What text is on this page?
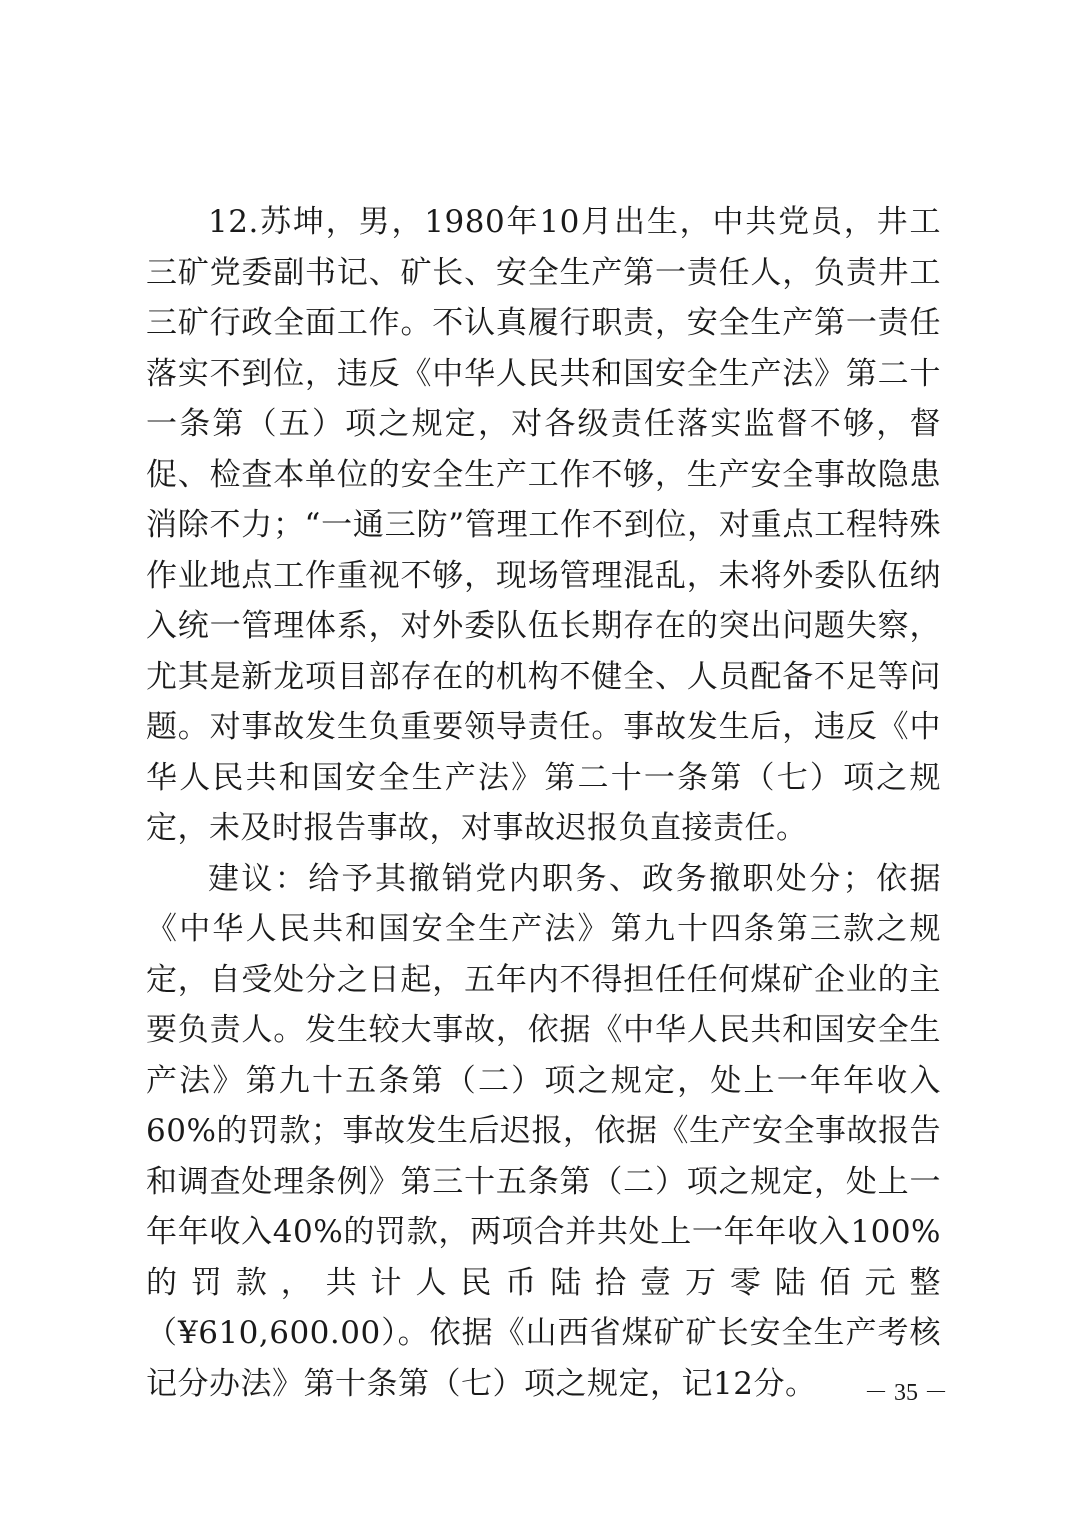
12.苏坤，男，1980年10月出生，中共党员，井工三矿党委副书记、矿长、安全生产第一责任人，负责井工三矿行政全面工作。不认真履行职责，安全生产第一责任落实不到位，违反《中华人民共和国安全生产法》第二十一条第（五）项之规定，对各级责任落实监督不够，督促、检查本单位的安全生产工作不够，生产安全事故隐患消除不力；“一通三防”管理工作不到位，对重点工程特殊作业地点工作重视不够，现场管理混乱，未将外委队伍纳入统一管理体系，对外委队伍长期存在的突出问题失察，尤其是新龙项目部存在的机构不健全、人员配备不足等问题。对事故发生负重要领导责任。事故发生后，违反《中华人民共和国安全生产法》第二十一条第（七）项之规定，未及时报告事故，对事故迟报负直接责任。

建议：给予其撤销党内职务、政务撤职处分；依据《中华人民共和国安全生产法》第九十四条第三款之规定，自受处分之日起，五年内不得担任任何煤矿企业的主要负责人。发生较大事故，依据《中华人民共和国安全生产法》第九十五条第（二）项之规定，处上一年年收入60%的罚款；事故发生后迟报，依据《生产安全事故报告和调查处理条例》第三十五条第（二）项之规定，处上一年年收入40%的罚款，两项合并共处上一年年收入100%的罚款，共计人民币陆拾壹万零陆佰元整（¥610,600.00）。依据《山西省煤矿矿长安全生产考核记分办法》第十条第（七）项之规定，记12分。	－ 35 －
